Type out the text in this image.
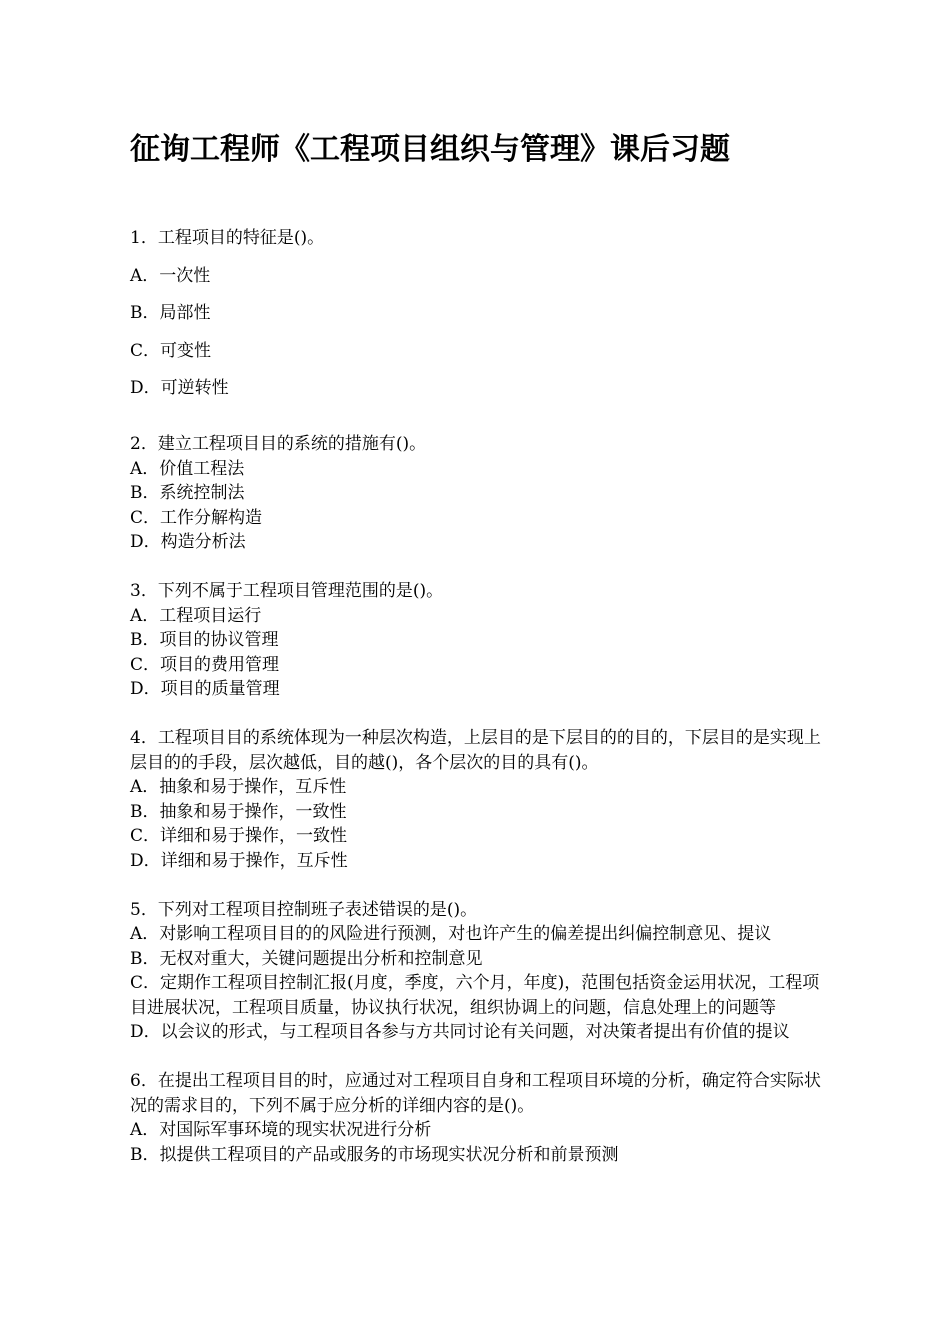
征询工程师《工程项目组织与管理》课后习题
1．工程项目的特征是()。
A．一次性
B．局部性
C．可变性
D．可逆转性
2．建立工程项目目的系统的措施有()。
A．价值工程法
B．系统控制法
C．工作分解构造
D．构造分析法
3．下列不属于工程项目管理范围的是()。
A．工程项目运行
B．项目的协议管理
C．项目的费用管理
D．项目的质量管理
4．工程项目目的系统体现为一种层次构造，上层目的是下层目的的目的，下层目的是实现上层目的的手段，层次越低，目的越()，各个层次的目的具有()。
A．抽象和易于操作，互斥性
B．抽象和易于操作，一致性
C．详细和易于操作，一致性
D．详细和易于操作，互斥性
5．下列对工程项目控制班子表述错误的是()。
A．对影响工程项目目的的风险进行预测，对也许产生的偏差提出纠偏控制意见、提议
B．无权对重大，关键问题提出分析和控制意见
C．定期作工程项目控制汇报(月度，季度，六个月，年度)，范围包括资金运用状况，工程项目进展状况，工程项目质量，协议执行状况，组织协调上的问题，信息处理上的问题等
D．以会议的形式，与工程项目各参与方共同讨论有关问题，对决策者提出有价值的提议
6．在提出工程项目目的时，应通过对工程项目自身和工程项目环境的分析，确定符合实际状况的需求目的，下列不属于应分析的详细内容的是()。
A．对国际军事环境的现实状况进行分析
B．拟提供工程项目的产品或服务的市场现实状况分析和前景预测
